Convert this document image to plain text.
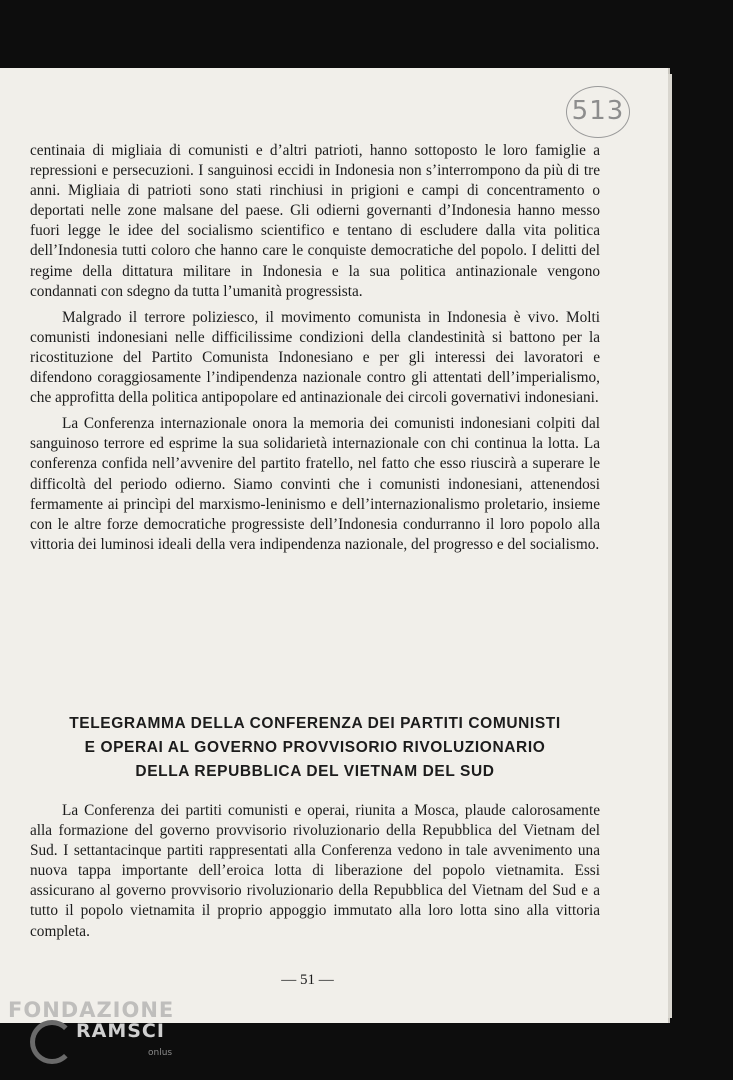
513

centinaia di migliaia di comunisti e d’altri patrioti, hanno sottoposto le loro famiglie a repressioni e persecuzioni. I sanguinosi eccidi in Indonesia non s’interrompono da più di tre anni. Migliaia di patrioti sono stati rinchiusi in prigioni e campi di concentramento o deportati nelle zone malsane del paese. Gli odierni governanti d’Indonesia hanno messo fuori legge le idee del socialismo scientifico e tentano di escludere dalla vita politica dell’Indonesia tutti coloro che hanno care le conquiste democratiche del popolo. I delitti del regime della dittatura militare in Indonesia e la sua politica antinazionale vengono condannati con sdegno da tutta l’umanità progressista.

Malgrado il terrore poliziesco, il movimento comunista in Indonesia è vivo. Molti comunisti indonesiani nelle difficilissime condizioni della clandestinità si battono per la ricostituzione del Partito Comunista Indonesiano e per gli interessi dei lavoratori e difendono coraggiosamente l’indipendenza nazionale contro gli attentati dell’imperialismo, che approfitta della politica antipopolare ed antinazionale dei circoli governativi indonesiani.

La Conferenza internazionale onora la memoria dei comunisti indonesiani colpiti dal sanguinoso terrore ed esprime la sua solidarietà internazionale con chi continua la lotta. La conferenza confida nell’avvenire del partito fratello, nel fatto che esso riuscirà a superare le difficoltà del periodo odierno. Siamo convinti che i comunisti indonesiani, attenendosi fermamente ai princìpi del marxismo-leninismo e dell’internazionalismo proletario, insieme con le altre forze democratiche progressiste dell’Indonesia condurranno il loro popolo alla vittoria dei luminosi ideali della vera indipendenza nazionale, del progresso e del socialismo.

TELEGRAMMA DELLA CONFERENZA DEI PARTITI COMUNISTI
E OPERAI AL GOVERNO PROVVISORIO RIVOLUZIONARIO
DELLA REPUBBLICA DEL VIETNAM DEL SUD

La Conferenza dei partiti comunisti e operai, riunita a Mosca, plaude calorosamente alla formazione del governo provvisorio rivoluzionario della Repubblica del Vietnam del Sud. I settantacinque partiti rappresentati alla Conferenza vedono in tale avvenimento una nuova tappa importante dell’eroica lotta di liberazione del popolo vietnamita. Essi assicurano al governo provvisorio rivoluzionario della Repubblica del Vietnam del Sud e a tutto il popolo vietnamita il proprio appoggio immutato alla loro lotta sino alla vittoria completa.

— 51 —
FONDAZIONE
RAMSCI
onlus
